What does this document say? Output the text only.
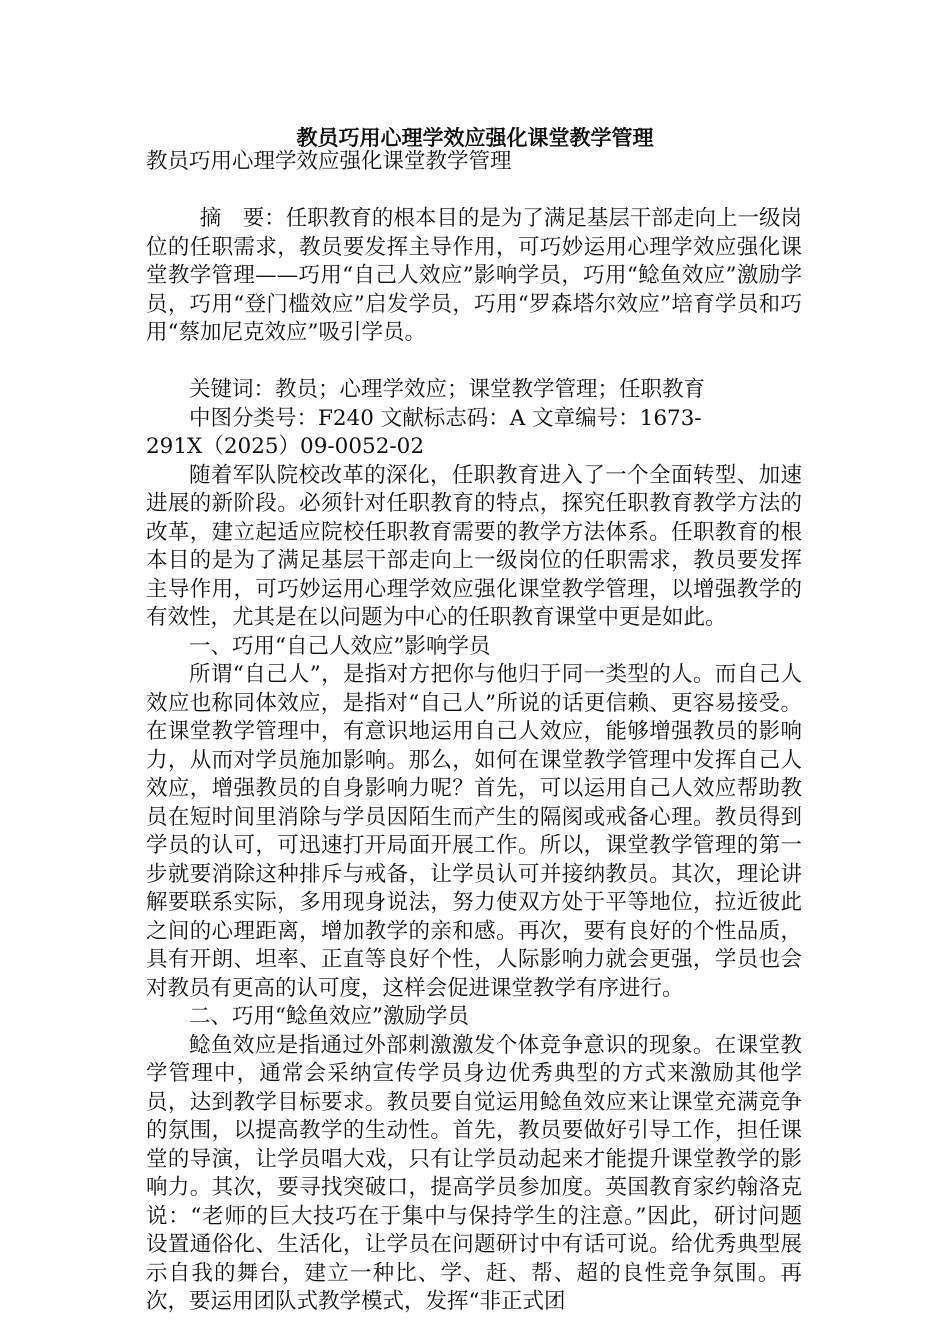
教员巧用心理学效应强化课堂教学管理

教员巧用心理学效应强化课堂教学管理

摘　要：任职教育的根本目的是为了满足基层干部走向上一级岗位的任职需求，教员要发挥主导作用，可巧妙运用心理学效应强化课堂教学管理——巧用“自己人效应”影响学员，巧用“鲶鱼效应”激励学员，巧用“登门槛效应”启发学员，巧用“罗森塔尔效应”培育学员和巧用“蔡加尼克效应”吸引学员。

关键词：教员；心理学效应；课堂教学管理；任职教育

中图分类号：F240 文献标志码：A 文章编号：1673-

291X（2025）09-0052-02

随着军队院校改革的深化，任职教育进入了一个全面转型、加速进展的新阶段。必须针对任职教育的特点，探究任职教育教学方法的改革，建立起适应院校任职教育需要的教学方法体系。任职教育的根本目的是为了满足基层干部走向上一级岗位的任职需求，教员要发挥主导作用，可巧妙运用心理学效应强化课堂教学管理，以增强教学的有效性，尤其是在以问题为中心的任职教育课堂中更是如此。

一、巧用“自己人效应”影响学员

所谓“自己人”，是指对方把你与他归于同一类型的人。而自己人效应也称同体效应，是指对“自己人”所说的话更信赖、更容易接受。在课堂教学管理中，有意识地运用自己人效应，能够增强教员的影响力，从而对学员施加影响。那么，如何在课堂教学管理中发挥自己人效应，增强教员的自身影响力呢？首先，可以运用自己人效应帮助教员在短时间里消除与学员因陌生而产生的隔阂或戒备心理。教员得到学员的认可，可迅速打开局面开展工作。所以，课堂教学管理的第一步就要消除这种排斥与戒备，让学员认可并接纳教员。其次，理论讲解要联系实际，多用现身说法，努力使双方处于平等地位，拉近彼此之间的心理距离，增加教学的亲和感。再次，要有良好的个性品质，具有开朗、坦率、正直等良好个性，人际影响力就会更强，学员也会对教员有更高的认可度，这样会促进课堂教学有序进行。

二、巧用“鲶鱼效应”激励学员

鲶鱼效应是指通过外部刺激激发个体竞争意识的现象。在课堂教学管理中，通常会采纳宣传学员身边优秀典型的方式来激励其他学员，达到教学目标要求。教员要自觉运用鲶鱼效应来让课堂充满竞争的氛围，以提高教学的生动性。首先，教员要做好引导工作，担任课堂的导演，让学员唱大戏，只有让学员动起来才能提升课堂教学的影响力。其次，要寻找突破口，提高学员参加度。英国教育家约翰洛克说：“老师的巨大技巧在于集中与保持学生的注意。”因此，研讨问题设置通俗化、生活化，让学员在问题研讨中有话可说。给优秀典型展示自我的舞台，建立一种比、学、赶、帮、超的良性竞争氛围。再次，要运用团队式教学模式，发挥“非正式团
